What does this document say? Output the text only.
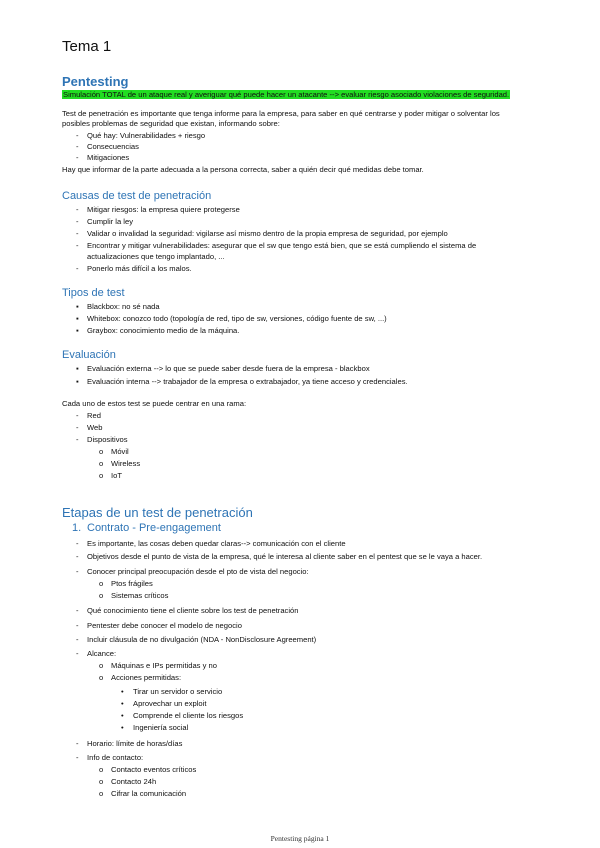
Tema 1
Pentesting
Simulación TOTAL de un ataque real y averiguar qué puede hacer un atacante --> evaluar riesgo asociado violaciones de seguridad.
Test de penetración es importante que tenga informe para la empresa, para saber en qué centrarse y poder mitigar o solventar los
posibles problemas de seguridad que existan, informando sobre:
- Qué hay: Vulnerabilidades + riesgo
- Consecuencias
- Mitigaciones
Hay que informar de la parte adecuada a la persona correcta, saber a quién decir qué medidas debe tomar.
Causas de test de penetración
- Mitigar riesgos: la empresa quiere protegerse
- Cumplir la ley
- Validar o invalidad la seguridad: vigilarse así mismo dentro de la propia empresa de seguridad, por ejemplo
- Encontrar y mitigar vulnerabilidades: asegurar que el sw que tengo está bien, que se está cumpliendo el sistema de
actualizaciones que tengo implantado, ...
- Ponerlo más difícil a los malos.
Tipos de test
▪ Blackbox: no sé nada
▪ Whitebox: conozco todo (topología de red, tipo de sw, versiones, código fuente de sw, ...)
▪ Graybox: conocimiento medio de la máquina.
Evaluación
▪ Evaluación externa --> lo que se puede saber desde fuera de la empresa - blackbox
▪ Evaluación interna --> trabajador de la empresa o extrabajador, ya tiene acceso y credenciales.
Cada uno de estos test se puede centrar en una rama:
- Red
- Web
- Dispositivos
o Móvil
o Wireless
o IoT
Etapas de un test de penetración
1. Contrato - Pre-engagement
- Es importante, las cosas deben quedar claras--> comunicación con el cliente
- Objetivos desde el punto de vista de la empresa, qué le interesa al cliente saber en el pentest que se le vaya a hacer.
- Conocer principal preocupación desde el pto de vista del negocio:
o Ptos frágiles
o Sistemas críticos
- Qué conocimiento tiene el cliente sobre los test de penetración
- Pentester debe conocer el modelo de negocio
- Incluir cláusula de no divulgación (NDA - NonDisclosure Agreement)
- Alcance:
o Máquinas e IPs permitidas y no
o Acciones permitidas:
• Tirar un servidor o servicio
• Aprovechar un exploit
• Comprende el cliente los riesgos
• Ingeniería social
- Horario: límite de horas/días
- Info de contacto:
o Contacto eventos críticos
o Contacto 24h
o Cifrar la comunicación
Pentesting página 1
